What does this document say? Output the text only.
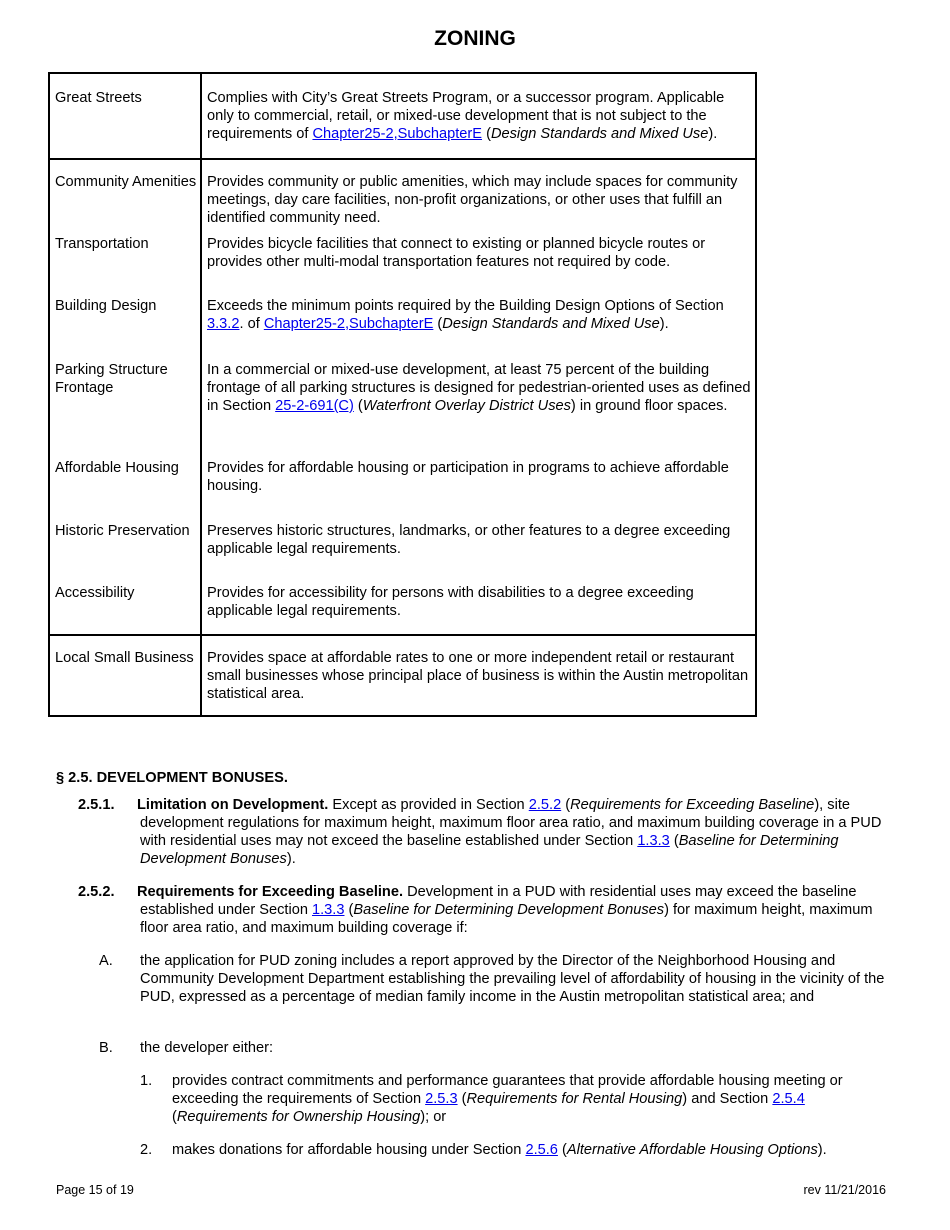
ZONING
Great Streets	Complies with City’s Great Streets Program, or a successor program. Applicable only to commercial, retail, or mixed-use development that is not subject to the requirements of Chapter25-2,SubchapterE (Design Standards and Mixed Use).
Community Amenities	Provides community or public amenities, which may include spaces for community meetings, day care facilities, non-profit organizations, or other uses that fulfill an identified community need.
Transportation	Provides bicycle facilities that connect to existing or planned bicycle routes or provides other multi-modal transportation features not required by code.
Building Design	Exceeds the minimum points required by the Building Design Options of Section 3.3.2. of Chapter25-2,SubchapterE (Design Standards and Mixed Use).
Parking Structure Frontage	In a commercial or mixed-use development, at least 75 percent of the building frontage of all parking structures is designed for pedestrian-oriented uses as defined in Section 25-2-691(C) (Waterfront Overlay District Uses) in ground floor spaces.
Affordable Housing	Provides for affordable housing or participation in programs to achieve affordable housing.
Historic Preservation	Preserves historic structures, landmarks, or other features to a degree exceeding applicable legal requirements.
Accessibility	Provides for accessibility for persons with disabilities to a degree exceeding applicable legal requirements.
Local Small Business	Provides space at affordable rates to one or more independent retail or restaurant small businesses whose principal place of business is within the Austin metropolitan statistical area.
§ 2.5. DEVELOPMENT BONUSES.
2.5.1.	Limitation on Development. Except as provided in Section 2.5.2 (Requirements for Exceeding Baseline), site development regulations for maximum height, maximum floor area ratio, and maximum building coverage in a PUD with residential uses may not exceed the baseline established under Section 1.3.3 (Baseline for Determining Development Bonuses).

2.5.2.	Requirements for Exceeding Baseline. Development in a PUD with residential uses may exceed the baseline established under Section 1.3.3 (Baseline for Determining Development Bonuses) for maximum height, maximum floor area ratio, and maximum building coverage if:

A.	the application for PUD zoning includes a report approved by the Director of the Neighborhood Housing and Community Development Department establishing the prevailing level of affordability of housing in the vicinity of the PUD, expressed as a percentage of median family income in the Austin metropolitan statistical area; and

B.	the developer either:

1.	provides contract commitments and performance guarantees that provide affordable housing meeting or exceeding the requirements of Section 2.5.3 (Requirements for Rental Housing) and Section 2.5.4 (Requirements for Ownership Housing); or

2.	makes donations for affordable housing under Section 2.5.6 (Alternative Affordable Housing Options).

Page 15 of 19	rev 11/21/2016
